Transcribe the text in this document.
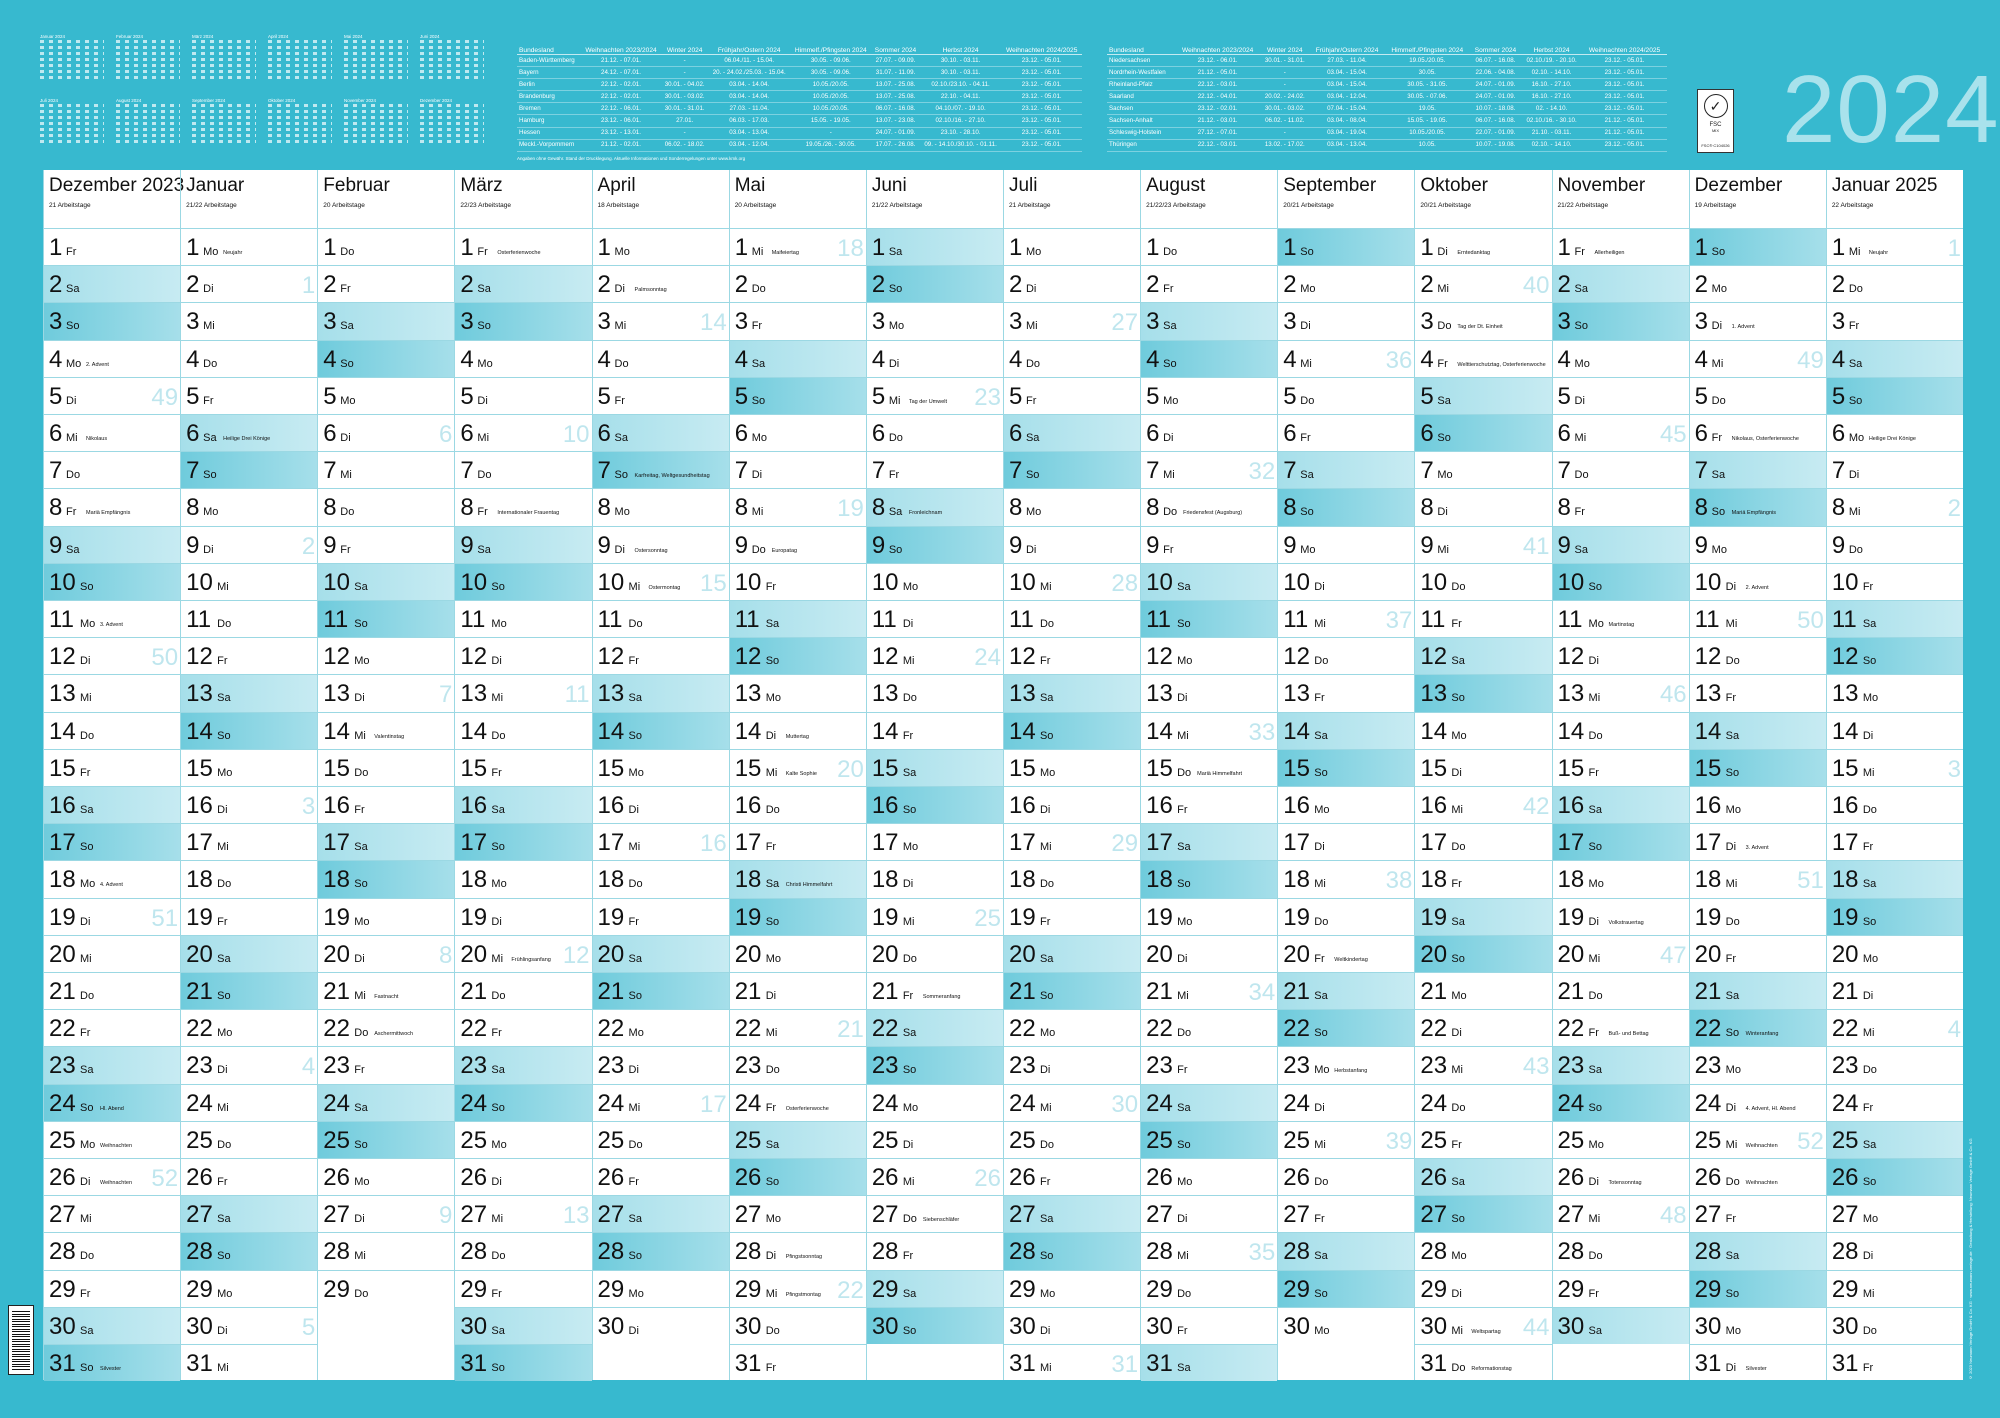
Januar 2024	Februar 2024	März 2024	April 2024	Mai 2024	Juni 2024
Juli 2024	August 2024	September 2024	Oktober 2024	November 2024	Dezember 2024
Bundesland	Weihnachten 2023/2024	Winter 2024	Frühjahr/Ostern 2024	Himmelf./Pfingsten 2024	Sommer 2024	Herbst 2024	Weihnachten 2024/2025
Baden-Württemberg	21.12. - 07.01.	-	06.04./11. - 15.04.	30.05. - 09.06.	27.07. - 09.09.	30.10. - 03.11.	23.12. - 05.01.
Bayern	24.12. - 07.01.	-	20. - 24.02./25.03. - 15.04.	30.05. - 09.06.	31.07. - 11.09.	30.10. - 03.11.	23.12. - 05.01.
Berlin	22.12. - 02.01.	30.01. - 04.02.	03.04. - 14.04.	10.05./20.05.	13.07. - 25.08.	02.10./23.10. - 04.11.	23.12. - 05.01.
Brandenburg	22.12. - 02.01.	30.01. - 03.02.	03.04. - 14.04.	10.05./20.05.	13.07. - 25.08.	22.10. - 04.11.	23.12. - 05.01.
Bremen	22.12. - 06.01.	30.01. - 31.01.	27.03. - 11.04.	10.05./20.05.	06.07. - 16.08.	04.10./07. - 19.10.	23.12. - 05.01.
Hamburg	23.12. - 06.01.	27.01.	06.03. - 17.03.	15.05. - 19.05.	13.07. - 23.08.	02.10./16. - 27.10.	23.12. - 05.01.
Hessen	23.12. - 13.01.	-	03.04. - 13.04.	-	24.07. - 01.09.	23.10. - 28.10.	23.12. - 05.01.
Meckl.-Vorpommern	21.12. - 02.01.	06.02. - 18.02.	03.04. - 12.04.	19.05./26. - 30.05.	17.07. - 26.08.	09. - 14.10./30.10. - 01.11.	23.12. - 05.01.
Bundesland	Weihnachten 2023/2024	Winter 2024	Frühjahr/Ostern 2024	Himmelf./Pfingsten 2024	Sommer 2024	Herbst 2024	Weihnachten 2024/2025
Niedersachsen	23.12. - 06.01.	30.01. - 31.01.	27.03. - 11.04.	19.05./20.05.	06.07. - 16.08.	02.10./19. - 20.10.	23.12. - 05.01.
Nordrhein-Westfalen	21.12. - 05.01.	-	03.04. - 15.04.	30.05.	22.06. - 04.08.	02.10. - 14.10.	23.12. - 05.01.
Rheinland-Pfalz	22.12. - 03.01.	-	03.04. - 15.04.	30.05. - 31.05.	24.07. - 01.09.	16.10. - 27.10.	23.12. - 05.01.
Saarland	22.12. - 04.01.	20.02. - 24.02.	03.04. - 12.04.	30.05. - 07.06.	24.07. - 01.09.	16.10. - 27.10.	23.12. - 05.01.
Sachsen	23.12. - 02.01.	30.01. - 03.02.	07.04. - 15.04.	19.05.	10.07. - 18.08.	02. - 14.10.	23.12. - 05.01.
Sachsen-Anhalt	21.12. - 03.01.	06.02. - 11.02.	03.04. - 08.04.	15.05. - 19.05.	06.07. - 16.08.	02.10./16. - 30.10.	21.12. - 05.01.
Schleswig-Holstein	27.12. - 07.01.	-	03.04. - 19.04.	10.05./20.05.	22.07. - 01.09.	21.10. - 03.11.	21.12. - 05.01.
Thüringen	22.12. - 03.01.	13.02. - 17.02.	03.04. - 13.04.	10.05.	10.07. - 19.08.	02.10. - 14.10.	23.12. - 05.01.
Angaben ohne Gewähr. Stand der Drucklegung. Aktuelle Informationen und Sonderregelungen unter www.kmk.org
✓
FSC
MIX
FSC® C104026 2024
Dezember 2023
21 Arbeitstage
1 Fr
2 Sa
3 So
4 Mo 2. Advent
5 Di	49
6 Mi Nikolaus
7 Do
8 Fr Mariä Empfängnis
9 Sa
10 So
11 Mo 3. Advent
12 Di	50
13 Mi
14 Do
15 Fr
16 Sa
17 So
18 Mo 4. Advent
19 Di	51
20 Mi
21 Do
22 Fr
23 Sa
24 So Hl. Abend
25 Mo Weihnachten
26 Di Weihnachten 52
27 Mi
28 Do
29 Fr
30 Sa
31 So Silvester
Januar
21/22 Arbeitstage
1 Mo Neujahr
2 Di	1
3 Mi
4 Do
5 Fr
6 Sa Heilige Drei Könige
7 So
8 Mo
9 Di	2
10 Mi
11 Do
12 Fr
13 Sa
14 So
15 Mo
16 Di	3
17 Mi
18 Do
19 Fr
20 Sa
21 So
22 Mo
23 Di	4
24 Mi
25 Do
26 Fr
27 Sa
28 So
29 Mo
30 Di	5
31 Mi
Februar
20 Arbeitstage
1 Do
2 Fr
3 Sa
4 So
5 Mo
6 Di	6
7 Mi
8 Do
9 Fr
10 Sa
11 So
12 Mo
13 Di	7
14 Mi Valentinstag
15 Do
16 Fr
17 Sa
18 So
19 Mo
20 Di	8
21 Mi Fastnacht
22 Do Aschermittwoch
23 Fr
24 Sa
25 So
26 Mo
27 Di	9
28 Mi
29 Do
März
22/23 Arbeitstage
1 Fr Osterferienwoche
2 Sa
3 So
4 Mo
5 Di
6 Mi	10
7 Do
8 Fr Internationaler Frauentag
9 Sa
10 So
11 Mo
12 Di
13 Mi	11
14 Do
15 Fr
16 Sa
17 So
18 Mo
19 Di
20 Mi Frühlingsanfang 12
21 Do
22 Fr
23 Sa
24 So
25 Mo
26 Di
27 Mi 13
28 Do
29 Fr
30 Sa
31 So
April
18 Arbeitstage
1 Mo
2 Di Palmsonntag
3 Mi	14
4 Do
5 Fr
6 Sa
7 So Karfreitag, Weltgesundheitstag
8 Mo
9 Di Ostersonntag
10 Mi Ostermontag 15
11 Do
12 Fr
13 Sa
14 So
15 Mo
16 Di
17 Mi 16
18 Do
19 Fr
20 Sa
21 So
22 Mo
23 Di
24 Mi 17
25 Do
26 Fr
27 Sa
28 So
29 Mo
30 Di
Mai
20 Arbeitstage
1 Mi Maifeiertag 18
2 Do
3 Fr
4 Sa
5 So
6 Mo
7 Di
8 Mi	19
9 Do Europatag
10 Fr
11 Sa
12 So
13 Mo
14 Di Muttertag
15 Mi Kalte Sophie 20
16 Do
17 Fr
18 Sa Christi Himmelfahrt
19 So
20 Mo
21 Di
22 Mi 21
23 Do
24 Fr Osterferienwoche
25 Sa
26 So
27 Mo
28 Di Pfingstsonntag
29 Mi Pfingstmontag 22
30 Do
31 Fr
Juni
21/22 Arbeitstage
1 Sa
2 So
3 Mo
4 Di
5 Mi Tag der Umwelt 23
6 Do
7 Fr
8 Sa Fronleichnam
9 So
10 Mo
11 Di
12 Mi 24
13 Do
14 Fr
15 Sa
16 So
17 Mo
18 Di
19 Mi 25
20 Do
21 Fr Sommeranfang
22 Sa
23 So
24 Mo
25 Di
26 Mi 26
27 Do Siebenschläfer
28 Fr
29 Sa
30 So
Juli
21 Arbeitstage
1 Mo
2 Di
3 Mi	27
4 Do
5 Fr
6 Sa
7 So
8 Mo
9 Di
10 Mi 28
11 Do
12 Fr
13 Sa
14 So
15 Mo
16 Di
17 Mi 29
18 Do
19 Fr
20 Sa
21 So
22 Mo
23 Di
24 Mi 30
25 Do
26 Fr
27 Sa
28 So
29 Mo
30 Di
31 Mi 31
August
21/22/23 Arbeitstage
1 Do
2 Fr
3 Sa
4 So
5 Mo
6 Di
7 Mi	32
8 Do Friedensfest (Augsburg)
9 Fr
10 Sa
11 So
12 Mo
13 Di
14 Mi 33
15 Do Mariä Himmelfahrt
16 Fr
17 Sa
18 So
19 Mo
20 Di
21 Mi 34
22 Do
23 Fr
24 Sa
25 So
26 Mo
27 Di
28 Mi 35
29 Do
30 Fr
31 Sa
September
20/21 Arbeitstage
1 So
2 Mo
3 Di
4 Mi	36
5 Do
6 Fr
7 Sa
8 So
9 Mo
10 Di
11 Mi 37
12 Do
13 Fr
14 Sa
15 So
16 Mo
17 Di
18 Mi 38
19 Do
20 Fr Weltkindertag
21 Sa
22 So
23 Mo Herbstanfang
24 Di
25 Mi 39
26 Do
27 Fr
28 Sa
29 So
30 Mo
Oktober
20/21 Arbeitstage
1 Di Erntedanktag
2 Mi	40
3 Do Tag der Dt. Einheit
4 Fr Welttierschutztag, Osterferienwoche
5 Sa
6 So
7 Mo
8 Di
9 Mi	41
10 Do
11 Fr
12 Sa
13 So
14 Mo
15 Di
16 Mi 42
17 Do
18 Fr
19 Sa
20 So
21 Mo
22 Di
23 Mi 43
24 Do
25 Fr
26 Sa
27 So
28 Mo
29 Di
30 Mi Weltspartag 44
31 Do Reformationstag
November
21/22 Arbeitstage
1 Fr Allerheiligen
2 Sa
3 So
4 Mo
5 Di
6 Mi	45
7 Do
8 Fr
9 Sa
10 So
11 Mo Martinstag
12 Di
13 Mi 46
14 Do
15 Fr
16 Sa
17 So
18 Mo
19 Di Volkstrauertag
20 Mi 47
21 Do
22 Fr Buß- und Bettag
23 Sa
24 So
25 Mo
26 Di Totensonntag
27 Mi 48
28 Do
29 Fr
30 Sa
Dezember
19 Arbeitstage
1 So
2 Mo
3 Di 1. Advent
4 Mi	49
5 Do
6 Fr Nikolaus, Osterferienwoche
7 Sa
8 So Mariä Empfängnis
9 Mo
10 Di 2. Advent
11 Mi 50
12 Do
13 Fr
14 Sa
15 So
16 Mo
17 Di 3. Advent
18 Mi 51
19 Do
20 Fr
21 Sa
22 So Winteranfang
23 Mo
24 Di 4. Advent, Hl. Abend
25 Mi Weihnachten 52
26 Do Weihnachten
27 Fr
28 Sa
29 So
30 Mo
31 Di Silvester
Januar 2025
22 Arbeitstage
1 Mi Neujahr 1
2 Do
3 Fr
4 Sa
5 So
6 Mo Heilige Drei Könige
7 Di
8 Mi	2
9 Do
10 Fr
11 Sa
12 So
13 Mo
14 Di
15 Mi	3
16 Do
17 Fr
18 Sa
19 So
20 Mo
21 Di
22 Mi	4
23 Do
24 Fr
25 Sa
26 So
27 Mo
28 Di
29 Mi
30 Do
31 Fr	© 2023 Neumann Verlage GmbH & Co. KG · www.neumann-verlage.de · Gestaltung & Herstellung: Neumann Verlage GmbH & Co. KG
